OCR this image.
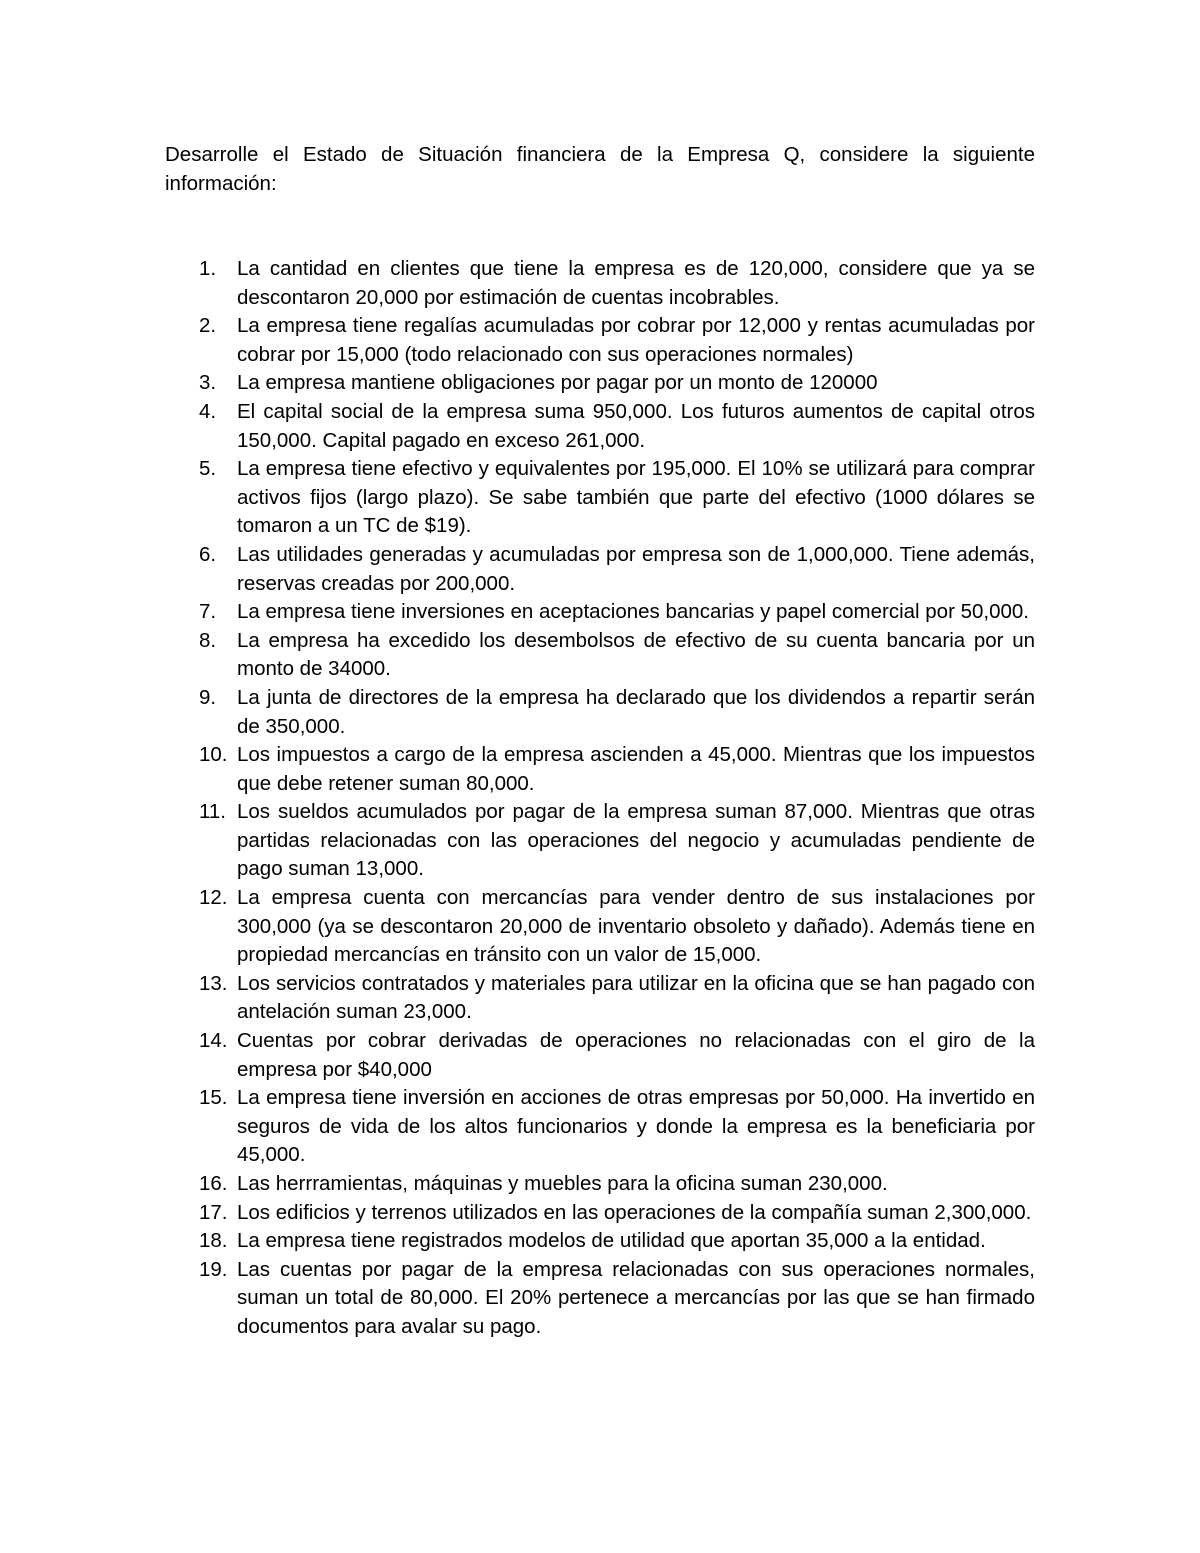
Desarrolle el Estado de Situación financiera de la Empresa Q, considere la siguiente información:

1.	La cantidad en clientes que tiene la empresa es de 120,000, considere que ya se descontaron 20,000 por estimación de cuentas incobrables.
2.	La empresa tiene regalías acumuladas por cobrar por 12,000 y rentas acumuladas por cobrar por 15,000 (todo relacionado con sus operaciones normales)
3.	La empresa mantiene obligaciones por pagar por un monto de 120000
4.	El capital social de la empresa suma 950,000. Los futuros aumentos de capital otros 150,000. Capital pagado en exceso 261,000.
5.	La empresa tiene efectivo y equivalentes por 195,000. El 10% se utilizará para comprar activos fijos (largo plazo). Se sabe también que parte del efectivo (1000 dólares se tomaron a un TC de $19).
6.	Las utilidades generadas y acumuladas por empresa son de 1,000,000. Tiene además, reservas creadas por 200,000.
7.	La empresa tiene inversiones en aceptaciones bancarias y papel comercial por 50,000.
8.	La empresa ha excedido los desembolsos de efectivo de su cuenta bancaria por un monto de 34000.
9.	La junta de directores de la empresa ha declarado que los dividendos a repartir serán de 350,000.
10. Los impuestos a cargo de la empresa ascienden a 45,000. Mientras que los impuestos que debe retener suman 80,000.
11. Los sueldos acumulados por pagar de la empresa suman 87,000. Mientras que otras partidas relacionadas con las operaciones del negocio y acumuladas pendiente de pago suman 13,000.
12. La empresa cuenta con mercancías para vender dentro de sus instalaciones por 300,000 (ya se descontaron 20,000 de inventario obsoleto y dañado). Además tiene en propiedad mercancías en tránsito con un valor de 15,000.
13. Los servicios contratados y materiales para utilizar en la oficina que se han pagado con antelación suman 23,000.
14. Cuentas por cobrar derivadas de operaciones no relacionadas con el giro de la empresa por $40,000
15. La empresa tiene inversión en acciones de otras empresas por 50,000. Ha invertido en seguros de vida de los altos funcionarios y donde la empresa es la beneficiaria por 45,000.
16. Las herrramientas, máquinas y muebles para la oficina suman 230,000.
17. Los edificios y terrenos utilizados en las operaciones de la compañía suman 2,300,000.
18. La empresa tiene registrados modelos de utilidad que aportan 35,000 a la entidad.
19. Las cuentas por pagar de la empresa relacionadas con sus operaciones normales, suman un total de 80,000. El 20% pertenece a mercancías por las que se han firmado documentos para avalar su pago.
